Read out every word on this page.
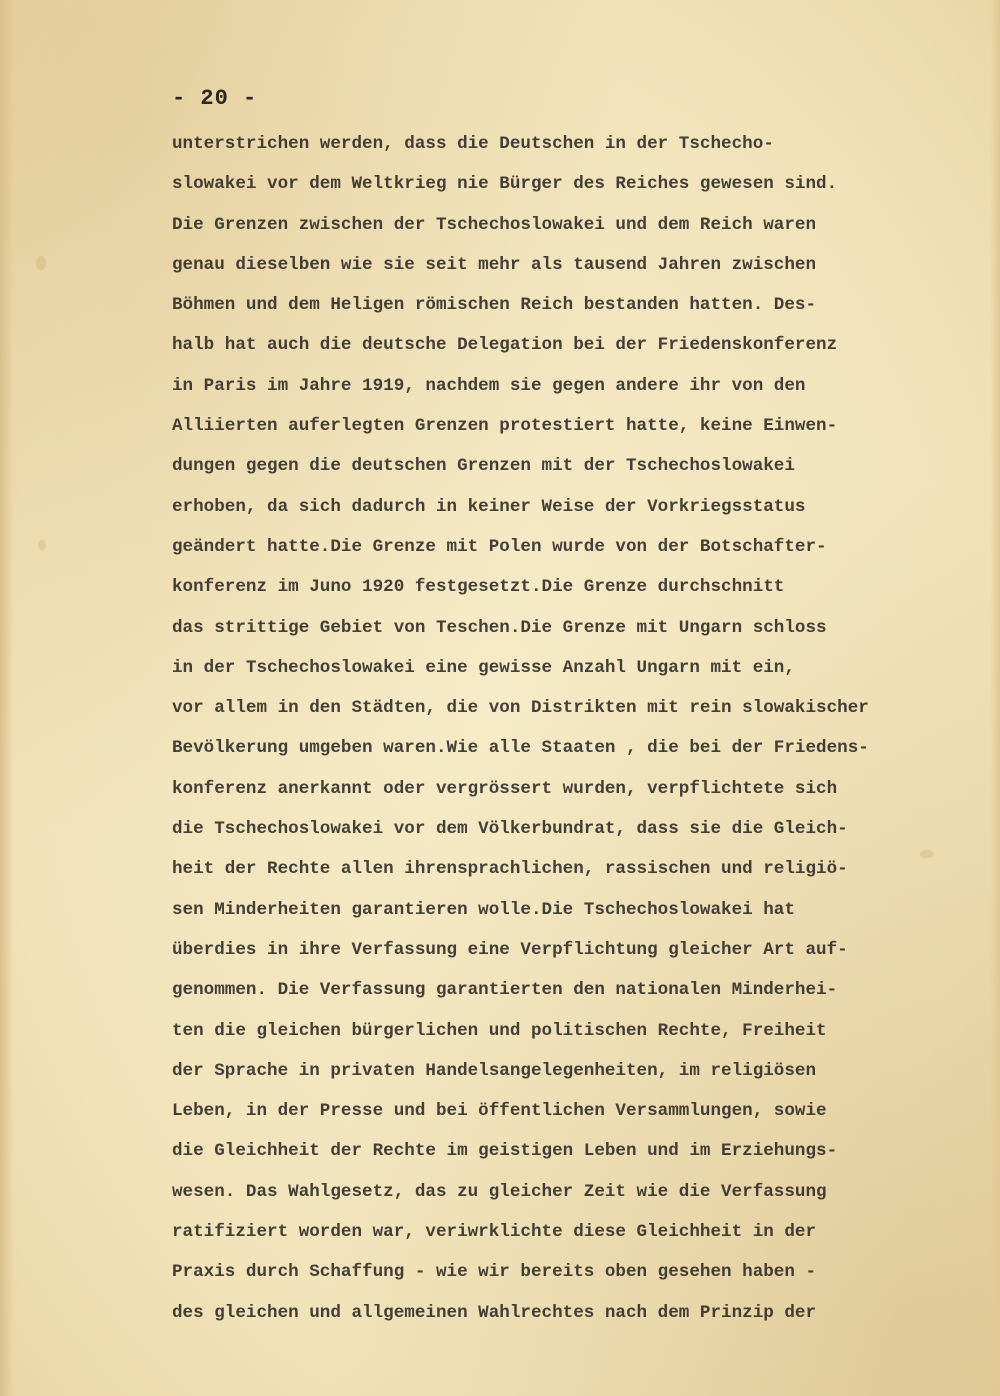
- 20 -
unterstrichen werden, dass die Deutschen in der Tschecho-
slowakei vor dem Weltkrieg nie Bürger des Reiches gewesen sind.
Die Grenzen zwischen der Tschechoslowakei und dem Reich waren
genau dieselben wie sie seit mehr als tausend Jahren zwischen
Böhmen und dem Heligen römischen Reich bestanden hatten. Des-
halb hat auch die deutsche Delegation bei der Friedenskonferenz
in Paris im Jahre 1919, nachdem sie gegen andere ihr von den
Alliierten auferlegten Grenzen protestiert hatte, keine Einwen-
dungen gegen die deutschen Grenzen mit der Tschechoslowakei
erhoben, da sich dadurch in keiner Weise der Vorkriegsstatus
geändert hatte.Die Grenze mit Polen wurde von der Botschafter-
konferenz im Juno 1920 festgesetzt.Die Grenze durchschnitt
das strittige Gebiet von Teschen.Die Grenze mit Ungarn schloss
in der Tschechoslowakei eine gewisse Anzahl Ungarn mit ein,
vor allem in den Städten, die von Distrikten mit rein slowakischer
Bevölkerung umgeben waren.Wie alle Staaten , die bei der Friedens-
konferenz anerkannt oder vergrössert wurden, verpflichtete sich
die Tschechoslowakei vor dem Völkerbundrat, dass sie die Gleich-
heit der Rechte allen ihrensprachlichen, rassischen und religiö-
sen Minderheiten garantieren wolle.Die Tschechoslowakei hat
überdies in ihre Verfassung eine Verpflichtung gleicher Art auf-
genommen. Die Verfassung garantierten den nationalen Minderhei-
ten die gleichen bürgerlichen und politischen Rechte, Freiheit
der Sprache in privaten Handelsangelegenheiten, im religiösen
Leben, in der Presse und bei öffentlichen Versammlungen, sowie
die Gleichheit der Rechte im geistigen Leben und im Erziehungs-
wesen. Das Wahlgesetz, das zu gleicher Zeit wie die Verfassung
ratifiziert worden war, veriwrklichte diese Gleichheit in der
Praxis durch Schaffung - wie wir bereits oben gesehen haben -
des gleichen und allgemeinen Wahlrechtes nach dem Prinzip der
